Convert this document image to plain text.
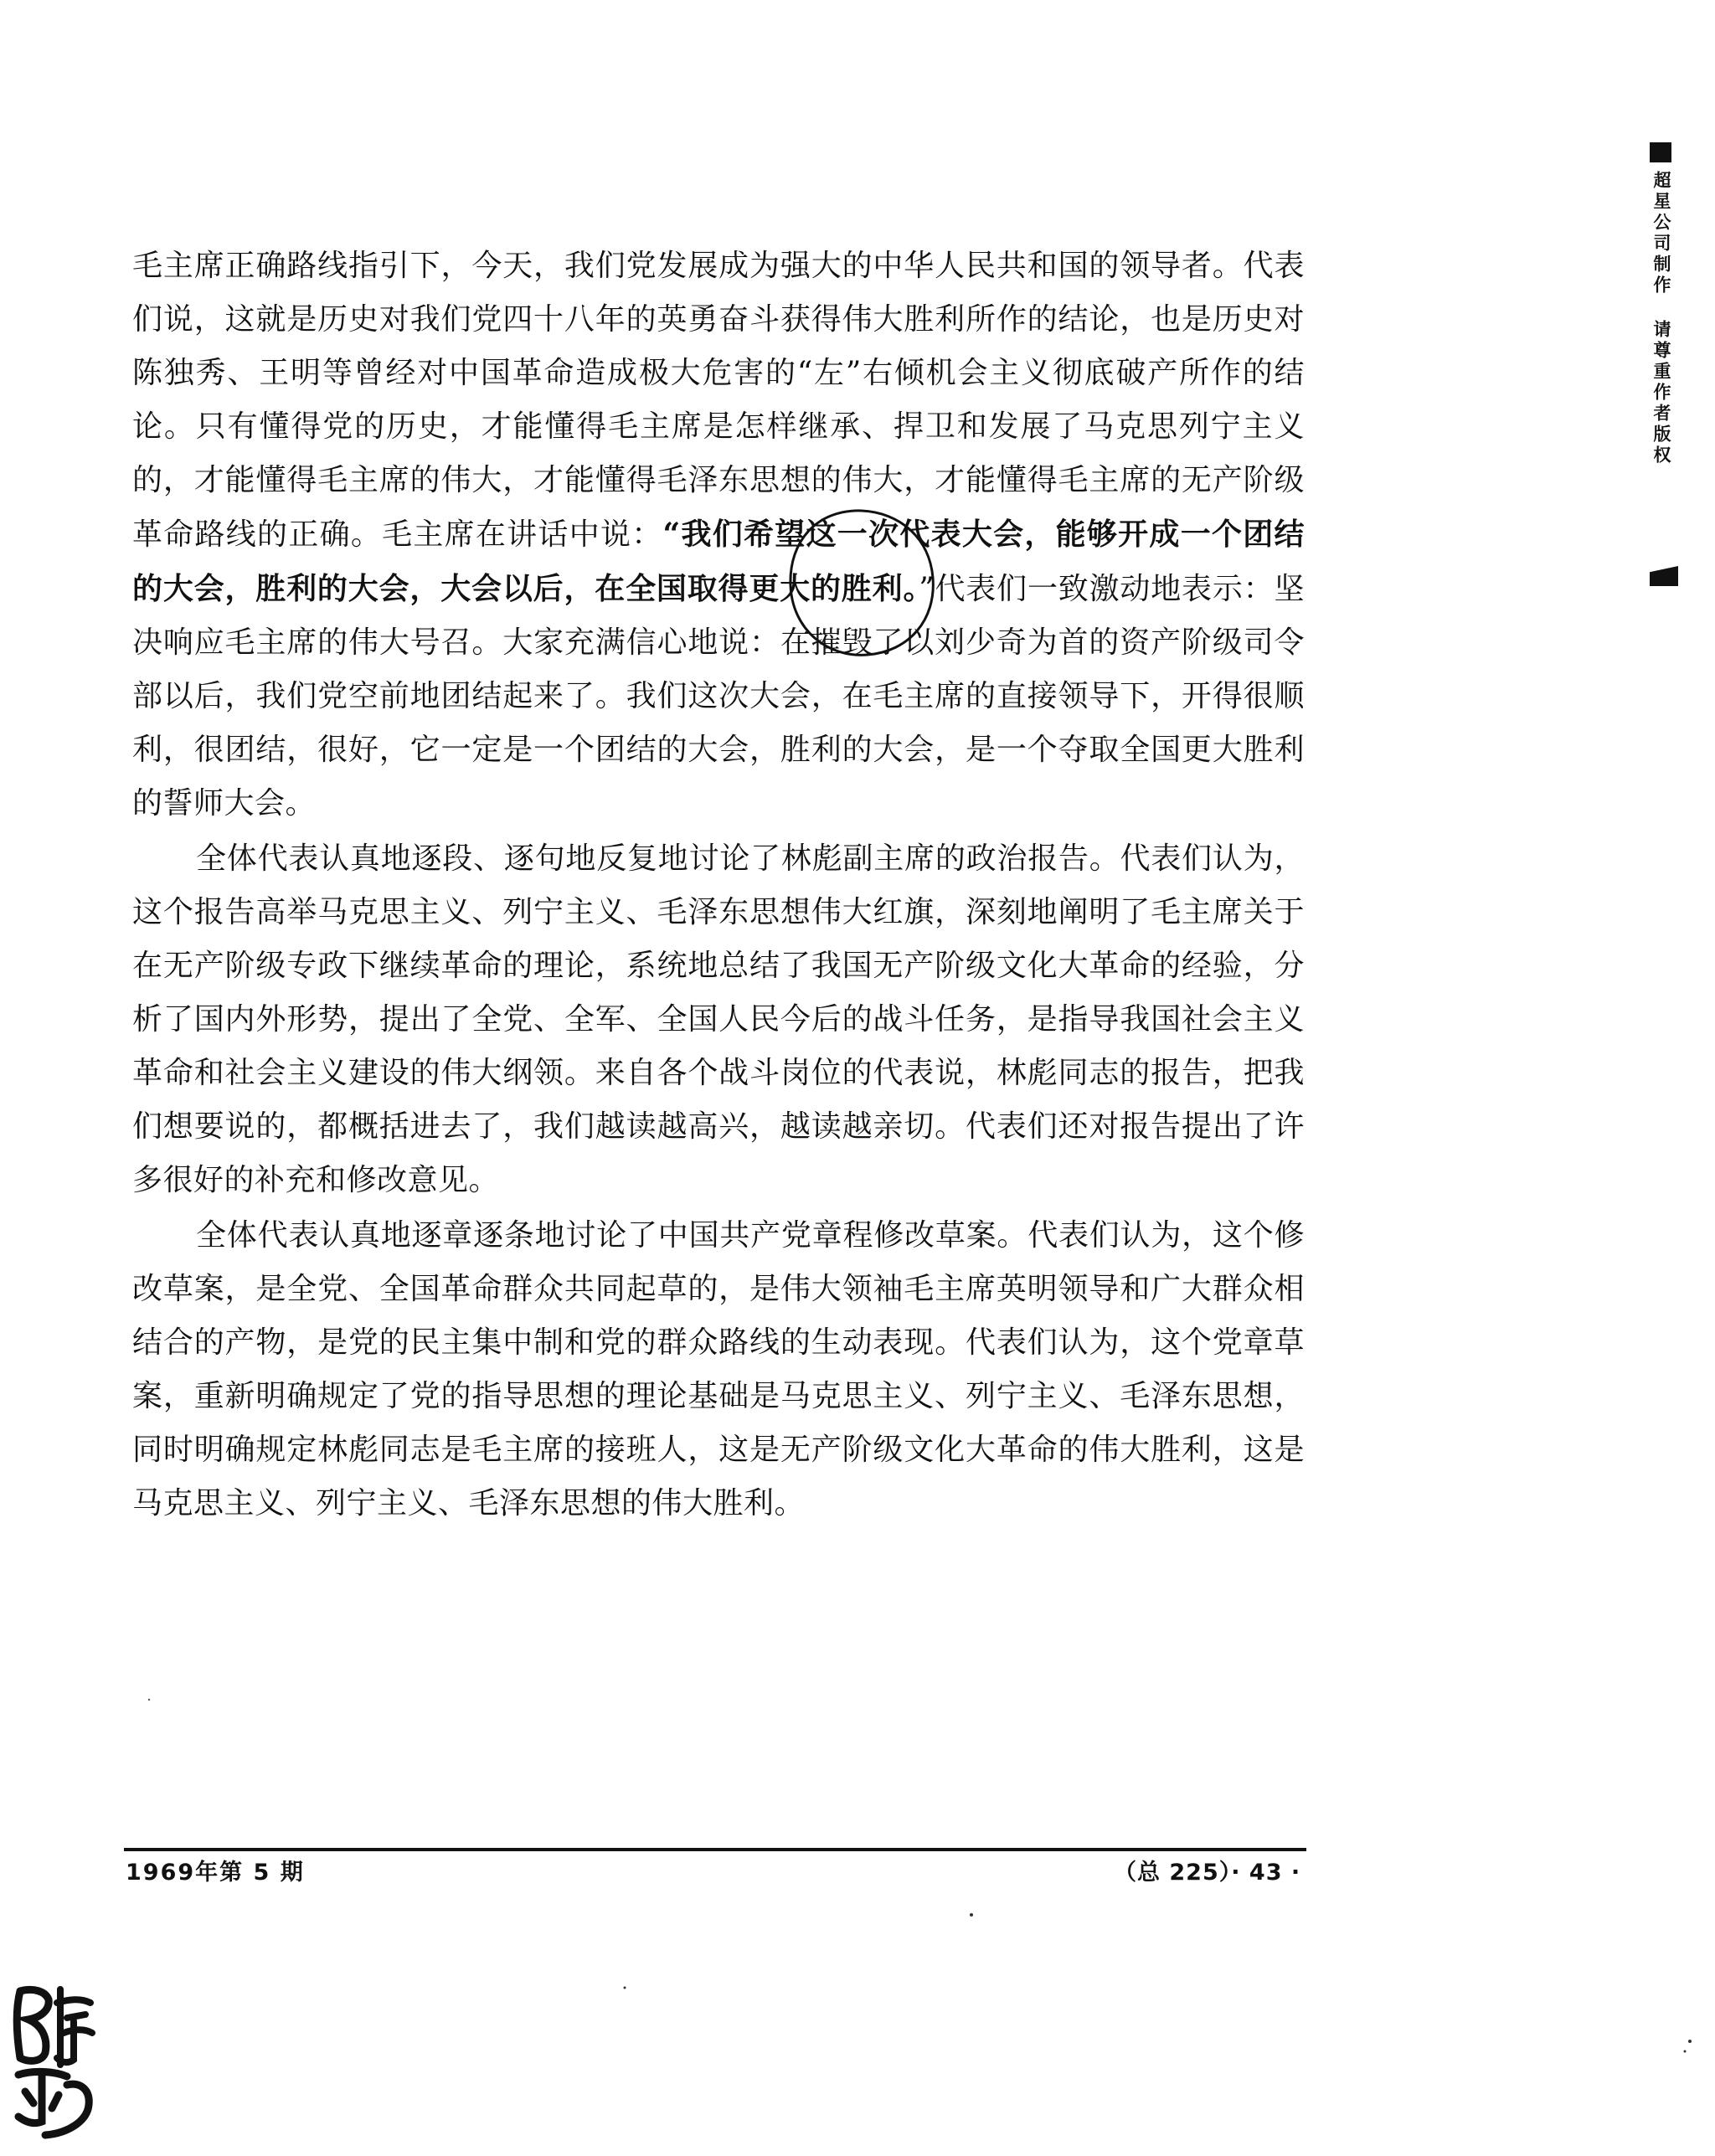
毛主席正确路线指引下，今天，我们党发展成为强大的中华人民共和国的领导者。代表们说，这就是历史对我们党四十八年的英勇奋斗获得伟大胜利所作的结论，也是历史对陈独秀、王明等曾经对中国革命造成极大危害的“左”右倾机会主义彻底破产所作的结论。只有懂得党的历史，才能懂得毛主席是怎样继承、捍卫和发展了马克思列宁主义的，才能懂得毛主席的伟大，才能懂得毛泽东思想的伟大，才能懂得毛主席的无产阶级革命路线的正确。毛主席在讲话中说：“我们希望这一次代表大会，能够开成一个团结的大会，胜利的大会，大会以后，在全国取得更大的胜利。”代表们一致激动地表示：坚决响应毛主席的伟大号召。大家充满信心地说：在摧毁了以刘少奇为首的资产阶级司令部以后，我们党空前地团结起来了。我们这次大会，在毛主席的直接领导下，开得很顺利，很团结，很好，它一定是一个团结的大会，胜利的大会，是一个夺取全国更大胜利的誓师大会。

全体代表认真地逐段、逐句地反复地讨论了林彪副主席的政治报告。代表们认为，这个报告高举马克思主义、列宁主义、毛泽东思想伟大红旗，深刻地阐明了毛主席关于在无产阶级专政下继续革命的理论，系统地总结了我国无产阶级文化大革命的经验，分析了国内外形势，提出了全党、全军、全国人民今后的战斗任务，是指导我国社会主义革命和社会主义建设的伟大纲领。来自各个战斗岗位的代表说，林彪同志的报告，把我们想要说的，都概括进去了，我们越读越高兴，越读越亲切。代表们还对报告提出了许多很好的补充和修改意见。

全体代表认真地逐章逐条地讨论了中国共产党章程修改草案。代表们认为，这个修改草案，是全党、全国革命群众共同起草的，是伟大领袖毛主席英明领导和广大群众相结合的产物，是党的民主集中制和党的群众路线的生动表现。代表们认为，这个党章草案，重新明确规定了党的指导思想的理论基础是马克思主义、列宁主义、毛泽东思想，同时明确规定林彪同志是毛主席的接班人，这是无产阶级文化大革命的伟大胜利，这是马克思主义、列宁主义、毛泽东思想的伟大胜利。

1969年第 5 期	（总 225）· 43 ·
超星公司制作 请尊重作者版权
